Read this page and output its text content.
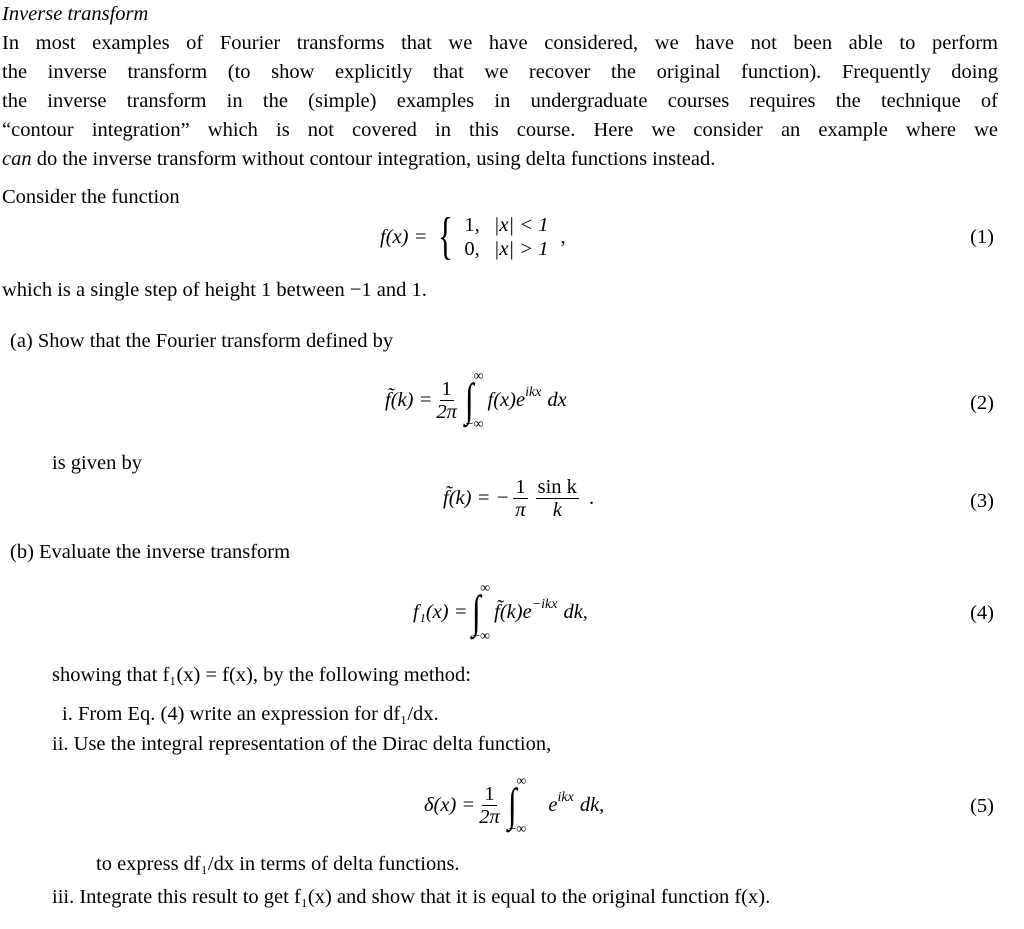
Inverse transform
In most examples of Fourier transforms that we have considered, we have not been able to perform
the inverse transform (to show explicitly that we recover the original function). Frequently doing
the inverse transform in the (simple) examples in undergraduate courses requires the technique of
“contour integration” which is not covered in this course. Here we consider an example where we
can do the inverse transform without contour integration, using delta functions instead.
Consider the function
f(x) = { 1, |x| < 1
0, |x| > 1
,	(1)
which is a single step of height 1 between −1 and 1.
(a) Show that the Fourier transform defined by
f̃(k) = $\frac{1}{2\pi}$ ∫ ∞
−∞
$f(x)e^{ikx}$ dx	(2)
is given by
f̃(k) = − $\frac{1}{\pi} \frac{\text{sin k}}{k}$ .	(3)
(b) Evaluate the inverse transform
f₁(x) = ∫ ∞
−∞
$f̃(k)e^{-ikx}$ dk,	(4)
showing that f₁(x) = f(x), by the following method:
i. From Eq. (4) write an expression for df₁/dx.
ii. Use the integral representation of the Dirac delta function,
$\delta(x) = \frac{1}{2\pi}$ ∫ ∞
−∞
$e^{ikx}$ dk,	(5)
to express df₁/dx in terms of delta functions.
iii. Integrate this result to get f₁(x) and show that it is equal to the original function f(x).
